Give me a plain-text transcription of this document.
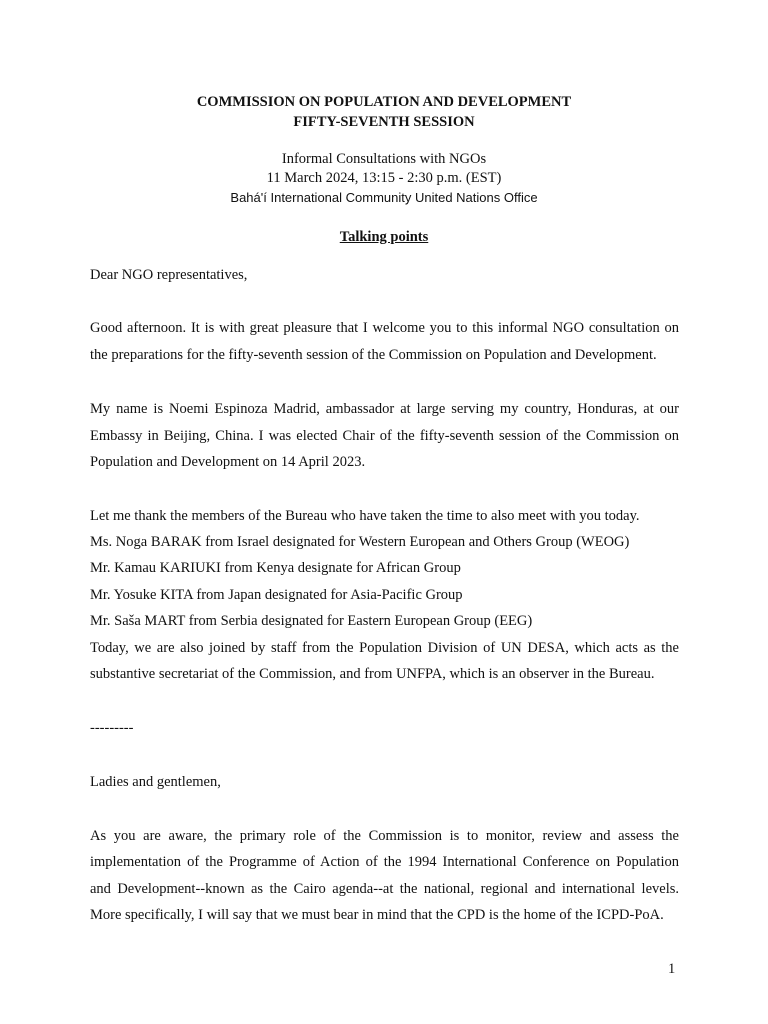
COMMISSION ON POPULATION AND DEVELOPMENT
FIFTY-SEVENTH SESSION
Informal Consultations with NGOs
11 March 2024, 13:15 - 2:30 p.m. (EST)
Bahá'í International Community United Nations Office
Talking points
Dear NGO representatives,
Good afternoon. It is with great pleasure that I welcome you to this informal NGO consultation on
the preparations for the fifty-seventh session of the Commission on Population and Development.
My name is Noemi Espinoza Madrid, ambassador at large serving my country, Honduras, at our
Embassy in Beijing, China. I was elected Chair of the fifty-seventh session of the Commission on
Population and Development on 14 April 2023.
Let me thank the members of the Bureau who have taken the time to also meet with you today.
Ms. Noga BARAK from Israel designated for Western European and Others Group (WEOG)
Mr. Kamau KARIUKI from Kenya designate for African Group
Mr. Yosuke KITA from Japan designated for Asia-Pacific Group
Mr. Saša MART from Serbia designated for Eastern European Group (EEG)
Today, we are also joined by staff from the Population Division of UN DESA, which acts as the
substantive secretariat of the Commission, and from UNFPA, which is an observer in the Bureau.
---------
Ladies and gentlemen,
As you are aware, the primary role of the Commission is to monitor, review and assess the
implementation of the Programme of Action of the 1994 International Conference on Population
and Development--known as the Cairo agenda--at the national, regional and international levels.
More specifically, I will say that we must bear in mind that the CPD is the home of the ICPD-PoA.
1
